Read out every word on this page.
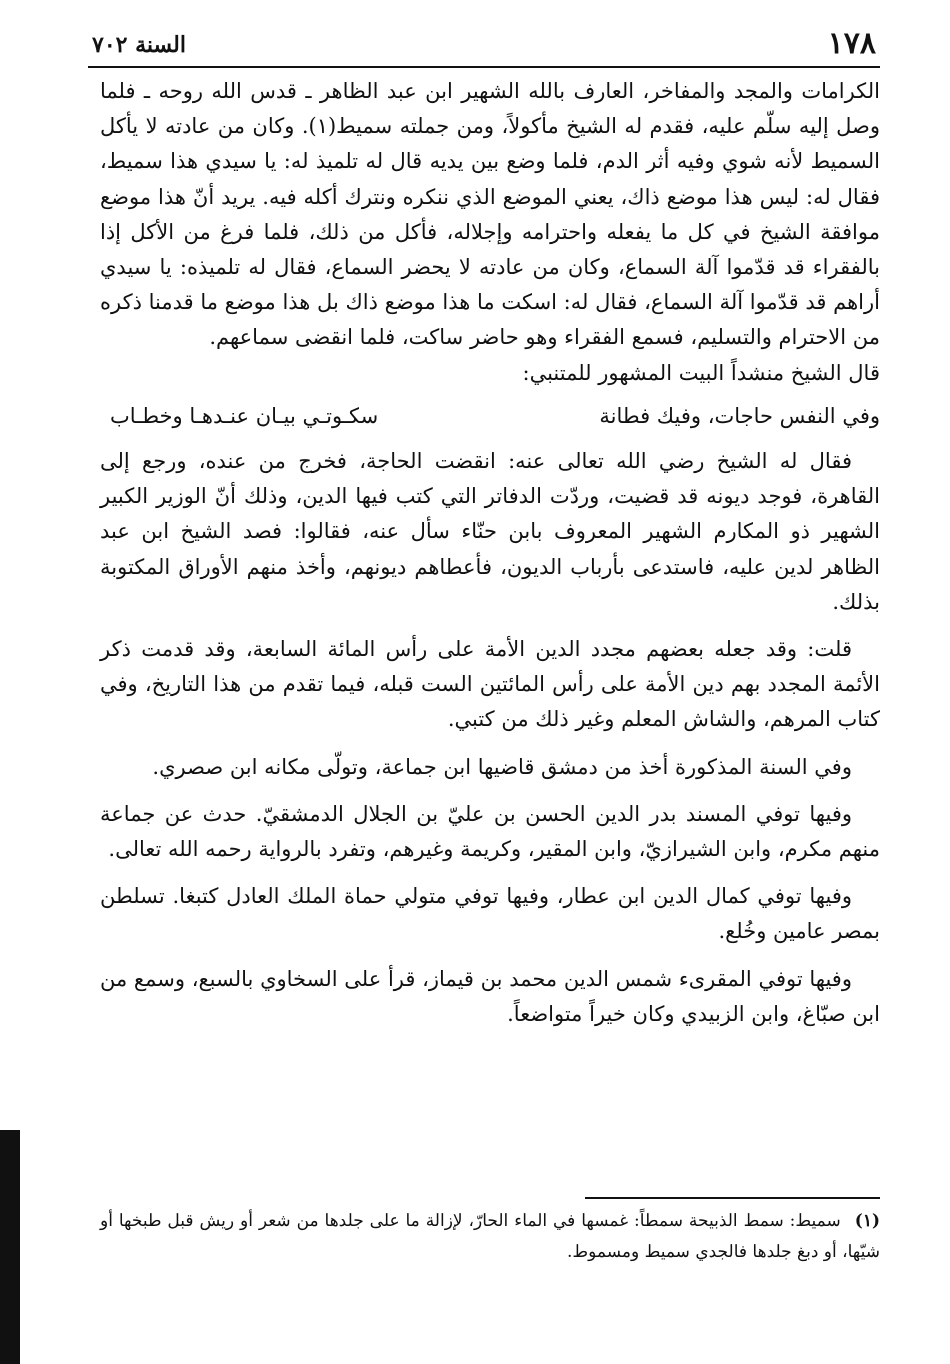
١٧٨
السنة ٧٠٢

الكرامات والمجد والمفاخر، العارف بالله الشهير ابن عبد الظاهر ـ قدس الله روحه ـ فلما وصل إليه سلّم عليه، فقدم له الشيخ مأكولاً، ومن جملته سميط(١). وكان من عادته لا يأكل السميط لأنه شوي وفيه أثر الدم، فلما وضع بين يديه قال له تلميذ له: يا سيدي هذا سميط، فقال له: ليس هذا موضع ذاك، يعني الموضع الذي ننكره ونترك أكله فيه. يريد أنّ هذا موضع موافقة الشيخ في كل ما يفعله واحترامه وإجلاله، فأكل من ذلك، فلما فرغ من الأكل إذا بالفقراء قد قدّموا آلة السماع، وكان من عادته لا يحضر السماع، فقال له تلميذه: يا سيدي أراهم قد قدّموا آلة السماع، فقال له: اسكت ما هذا موضع ذاك بل هذا موضع ما قدمنا ذكره من الاحترام والتسليم، فسمع الفقراء وهو حاضر ساكت، فلما انقضى سماعهم.

قال الشيخ منشداً البيت المشهور للمتنبي:

وفي النفس حاجات، وفيك فطانة
سكـوتـي بيـان عنـدهـا وخطـاب

فقال له الشيخ رضي الله تعالى عنه: انقضت الحاجة، فخرج من عنده، ورجع إلى القاهرة، فوجد ديونه قد قضيت، وردّت الدفاتر التي كتب فيها الدين، وذلك أنّ الوزير الكبير الشهير ذو المكارم الشهير المعروف بابن حنّاء سأل عنه، فقالوا: فصد الشيخ ابن عبد الظاهر لدين عليه، فاستدعى بأرباب الديون، فأعطاهم ديونهم، وأخذ منهم الأوراق المكتوبة بذلك.

قلت: وقد جعله بعضهم مجدد الدين الأمة على رأس المائة السابعة، وقد قدمت ذكر الأئمة المجدد بهم دين الأمة على رأس المائتين الست قبله، فيما تقدم من هذا التاريخ، وفي كتاب المرهم، والشاش المعلم وغير ذلك من كتبي.

وفي السنة المذكورة أخذ من دمشق قاضيها ابن جماعة، وتولّى مكانه ابن صصري.

وفيها توفي المسند بدر الدين الحسن بن عليّ بن الجلال الدمشقيّ. حدث عن جماعة منهم مكرم، وابن الشيرازيّ، وابن المقير، وكريمة وغيرهم، وتفرد بالرواية رحمه الله تعالى.

وفيها توفي كمال الدين ابن عطار، وفيها توفي متولي حماة الملك العادل كتبغا. تسلطن بمصر عامين وخُلع.

وفيها توفي المقرىء شمس الدين محمد بن قيماز، قرأ على السخاوي بالسبع، وسمع من ابن صبّاغ، وابن الزبيدي وكان خيراً متواضعاً.

(١)سميط: سمط الذبيحة سمطاً: غمسها في الماء الحارّ، لإزالة ما على جلدها من شعر أو ريش قبل طبخها أو شيّها، أو دبغ جلدها فالجدي سميط ومسموط.
